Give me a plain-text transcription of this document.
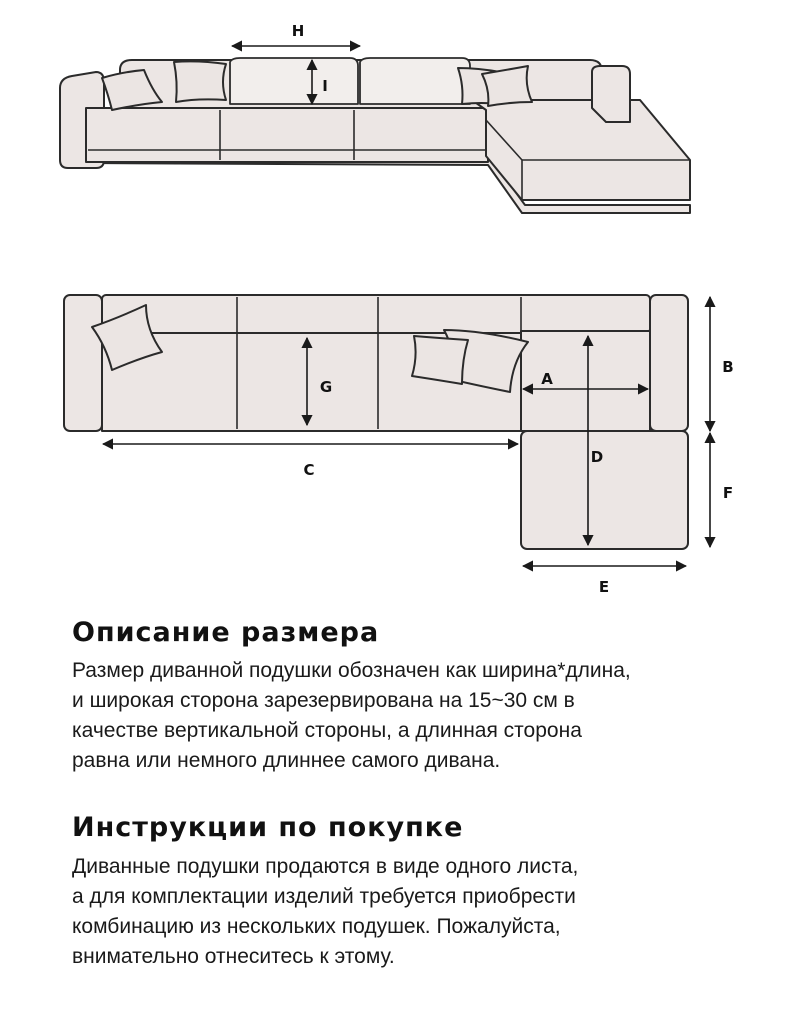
H
I
G
C
A
D
B
F
E
Описание размера
Размер диванной подушки обозначен как ширина*длина,
и широкая сторона зарезервирована на 15~30 см в
качестве вертикальной стороны, а длинная сторона
равна или немного длиннее самого дивана.
Инструкции по покупке
Диванные подушки продаются в виде одного листа,
а для комплектации изделий требуется приобрести
комбинацию из нескольких подушек. Пожалуйста,
внимательно отнеситесь к этому.
